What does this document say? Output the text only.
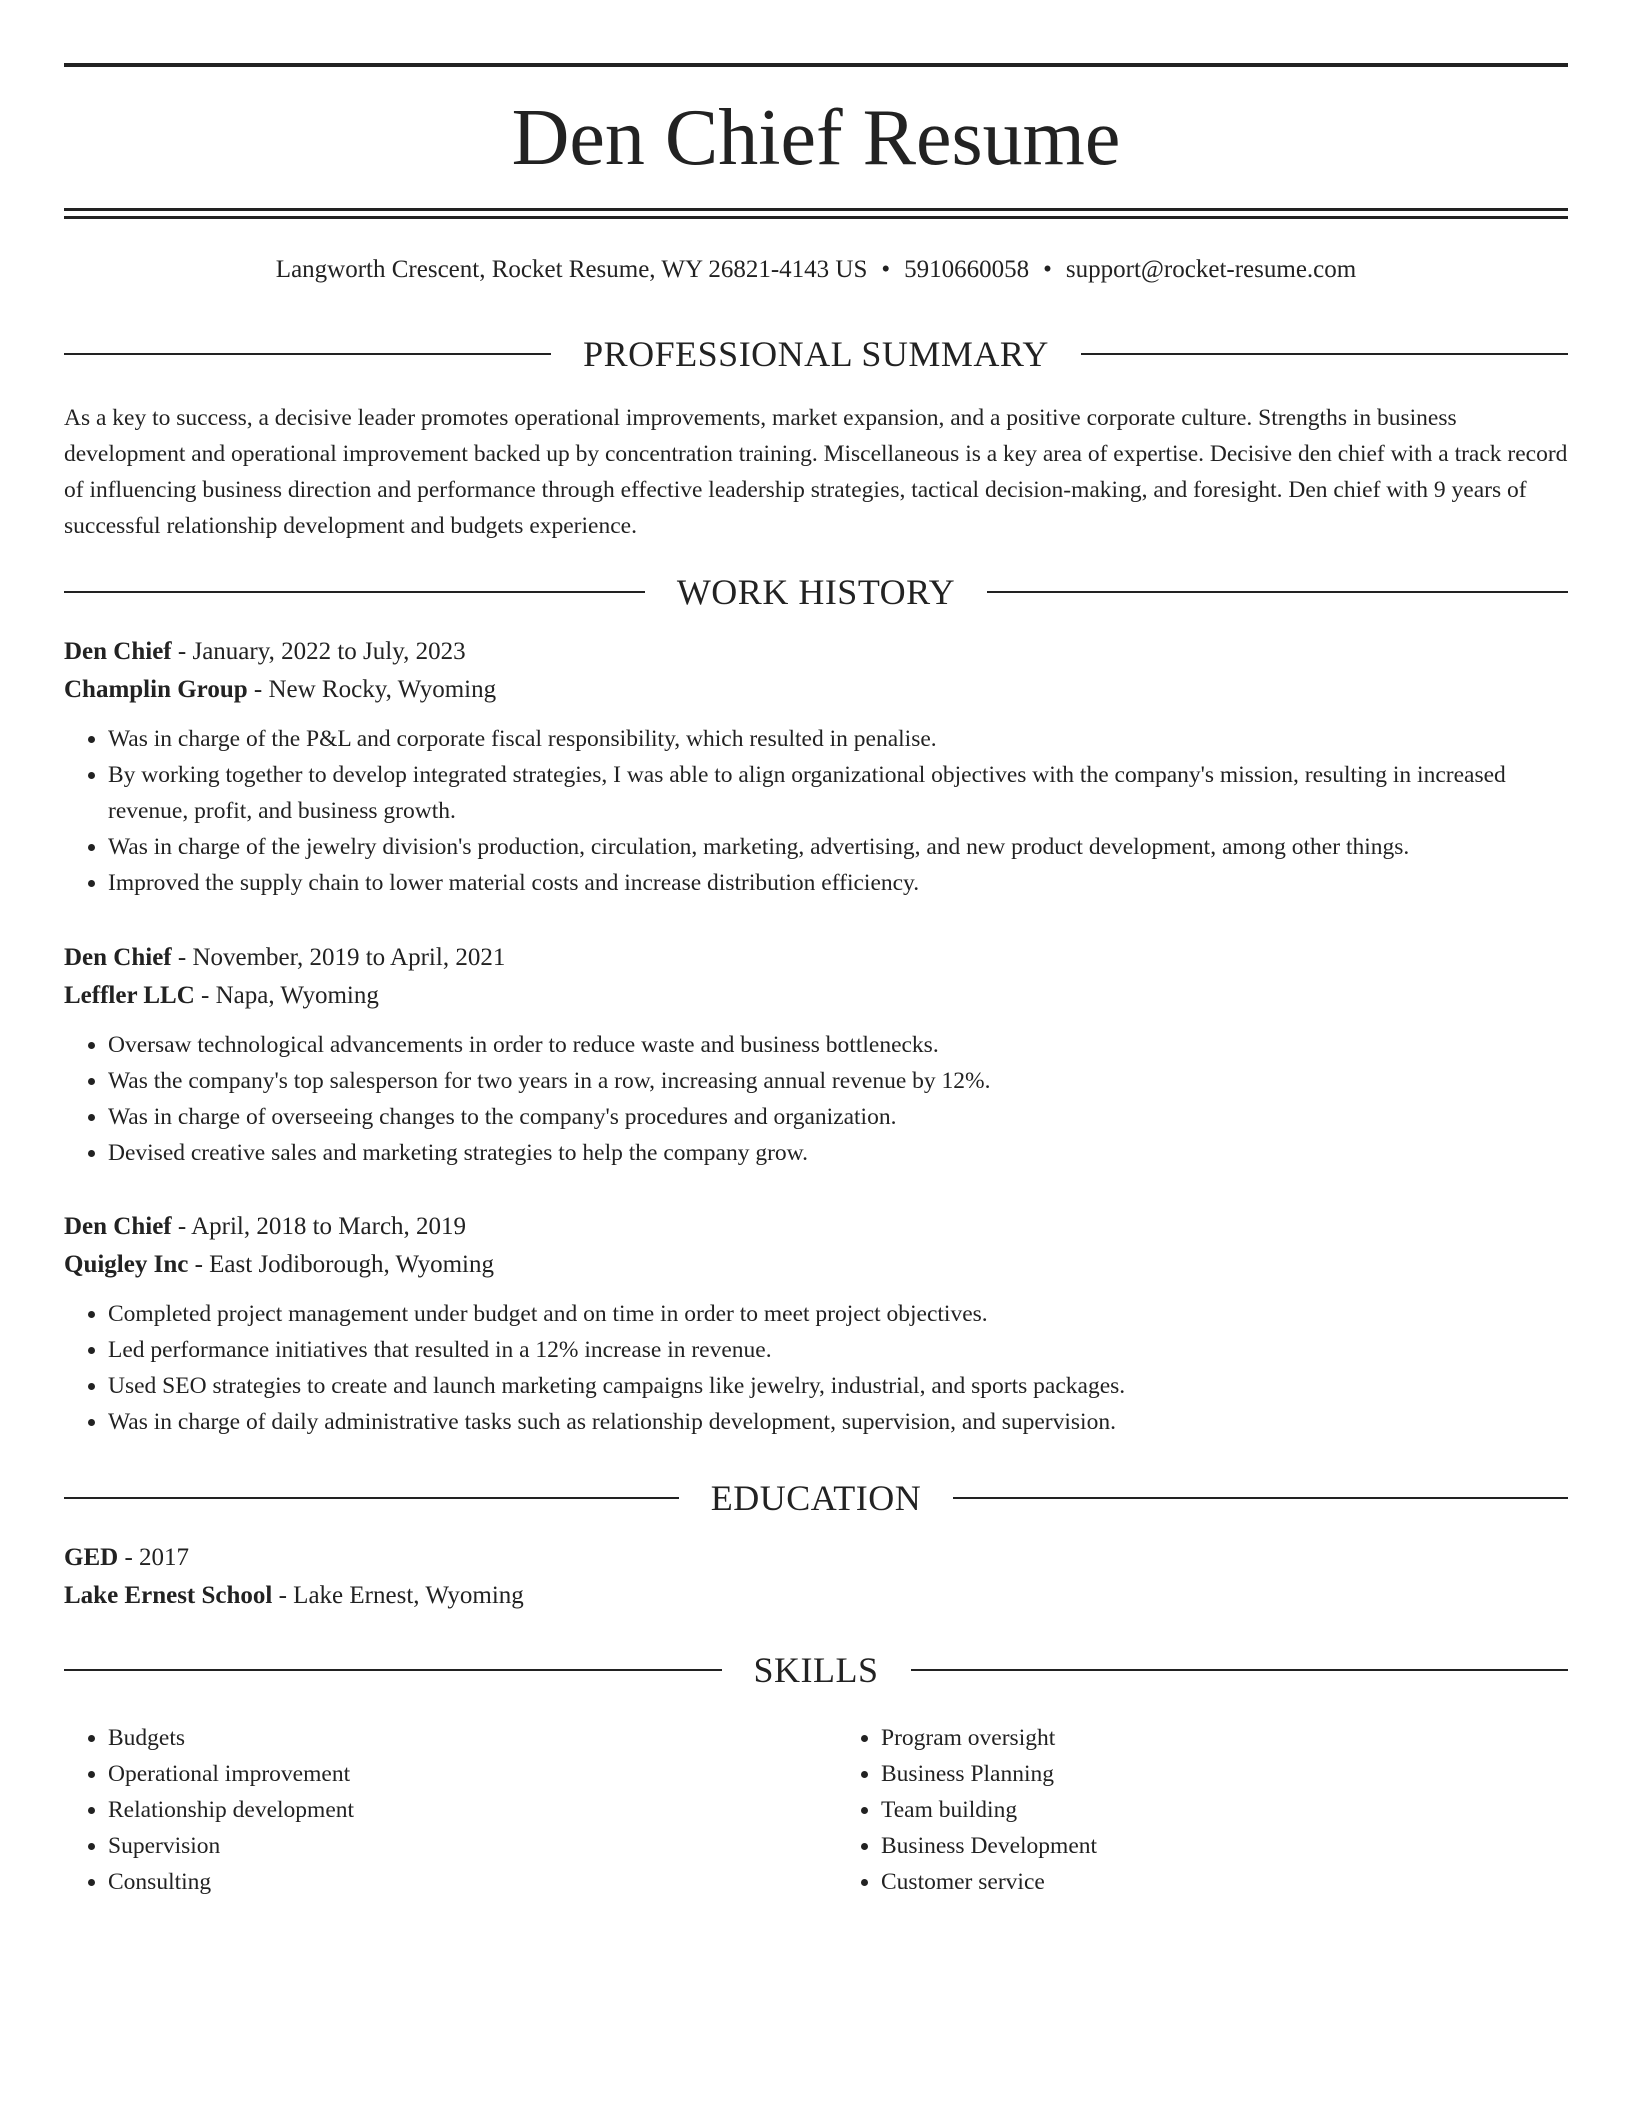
Den Chief Resume
Langworth Crescent, Rocket Resume, WY 26821-4143 US • 5910660058 • support@rocket-resume.com
PROFESSIONAL SUMMARY

As a key to success, a decisive leader promotes operational improvements, market expansion, and a positive corporate culture. Strengths in business development and operational improvement backed up by concentration training. Miscellaneous is a key area of expertise. Decisive den chief with a track record of influencing business direction and performance through effective leadership strategies, tactical decision-making, and foresight. Den chief with 9 years of successful relationship development and budgets experience.

WORK HISTORY
Den Chief - January, 2022 to July, 2023
Champlin Group - New Rocky, Wyoming
• Was in charge of the P&L and corporate fiscal responsibility, which resulted in penalise.
• By working together to develop integrated strategies, I was able to align organizational objectives with the company's mission, resulting in increased revenue, profit, and business growth.
• Was in charge of the jewelry division's production, circulation, marketing, advertising, and new product development, among other things.
• Improved the supply chain to lower material costs and increase distribution efficiency.
Den Chief - November, 2019 to April, 2021
Leffler LLC - Napa, Wyoming
• Oversaw technological advancements in order to reduce waste and business bottlenecks.
• Was the company's top salesperson for two years in a row, increasing annual revenue by 12%.
• Was in charge of overseeing changes to the company's procedures and organization.
• Devised creative sales and marketing strategies to help the company grow.
Den Chief - April, 2018 to March, 2019
Quigley Inc - East Jodiborough, Wyoming
• Completed project management under budget and on time in order to meet project objectives.
• Led performance initiatives that resulted in a 12% increase in revenue.
• Used SEO strategies to create and launch marketing campaigns like jewelry, industrial, and sports packages.
• Was in charge of daily administrative tasks such as relationship development, supervision, and supervision.
EDUCATION
GED - 2017
Lake Ernest School - Lake Ernest, Wyoming
SKILLS
• Budgets
• Operational improvement
• Relationship development
• Supervision
• Consulting
• Program oversight
• Business Planning
• Team building
• Business Development
• Customer service
